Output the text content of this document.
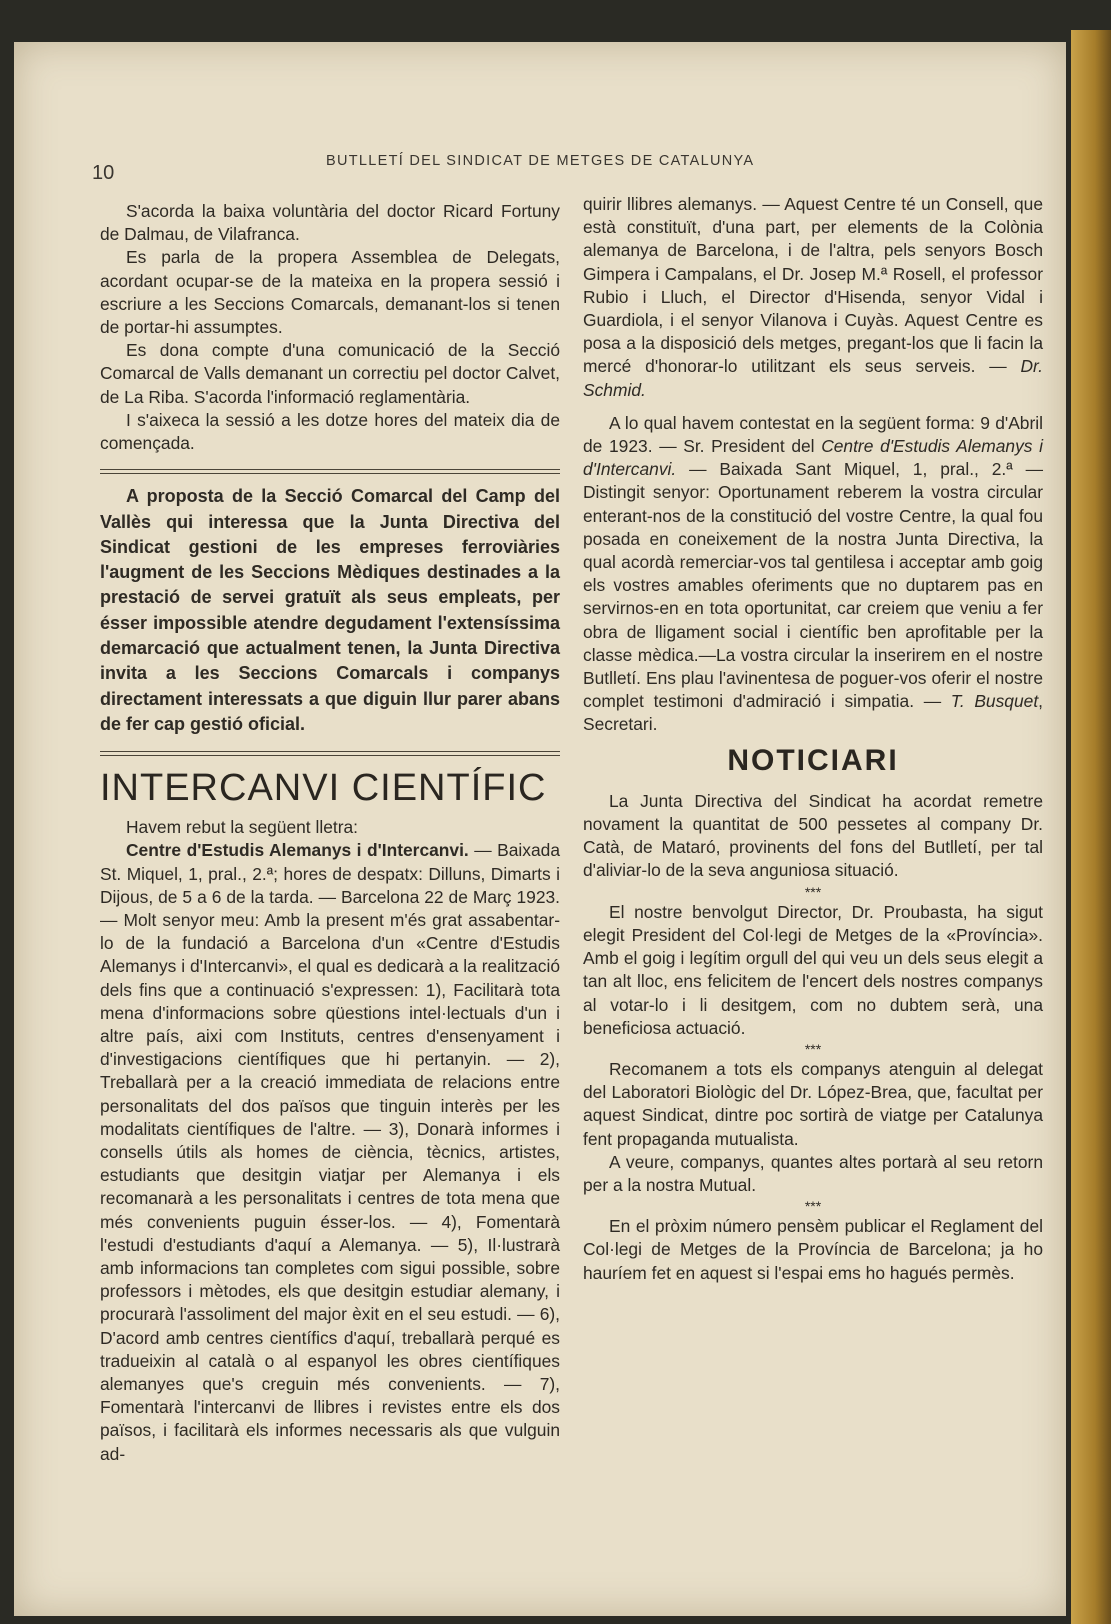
10
BUTLLETÍ DEL SINDICAT DE METGES DE CATALUNYA

S'acorda la baixa voluntària del doctor Ricard Fortuny de Dalmau, de Vilafranca.

Es parla de la propera Assemblea de Delegats, acordant ocupar-se de la mateixa en la propera sessió i escriure a les Seccions Comarcals, demanant-los si tenen de portar-hi assumptes.

Es dona compte d'una comunicació de la Secció Comarcal de Valls demanant un correctiu pel doctor Calvet, de La Riba. S'acorda l'informació reglamentària.

I s'aixeca la sessió a les dotze hores del mateix dia de començada.

A proposta de la Secció Comarcal del Camp del Vallès qui interessa que la Junta Directiva del Sindicat gestioni de les empreses ferroviàries l'augment de les Seccions Mèdiques destinades a la prestació de servei gratuït als seus empleats, per ésser impossible atendre degudament l'extensíssima demarcació que actualment tenen, la Junta Directiva invita a les Seccions Comarcals i companys directament interessats a que diguin llur parer abans de fer cap gestió oficial.

INTERCANVI CIENTÍFIC

Havem rebut la següent lletra:

Centre d'Estudis Alemanys i d'Intercanvi. — Baixada St. Miquel, 1, pral., 2.ª; hores de despatx: Dilluns, Dimarts i Dijous, de 5 a 6 de la tarda. — Barcelona 22 de Març 1923. — Molt senyor meu: Amb la present m'és grat assabentar-lo de la fundació a Barcelona d'un «Centre d'Estudis Alemanys i d'Intercanvi», el qual es dedicarà a la realització dels fins que a continuació s'expressen: 1), Facilitarà tota mena d'informacions sobre qüestions intel·lectuals d'un i altre país, aixi com Instituts, centres d'ensenyament i d'investigacions científiques que hi pertanyin. — 2), Treballarà per a la creació immediata de relacions entre personalitats del dos països que tinguin interès per les modalitats científiques de l'altre. — 3), Donarà informes i consells útils als homes de ciència, tècnics, artistes, estudiants que desitgin viatjar per Alemanya i els recomanarà a les personalitats i centres de tota mena que més convenients puguin ésser-los. — 4), Fomentarà l'estudi d'estudiants d'aquí a Alemanya. — 5), Il·lustrarà amb informacions tan completes com sigui possible, sobre professors i mètodes, els que desitgin estudiar alemany, i procurarà l'assoliment del major èxit en el seu estudi. — 6), D'acord amb centres científics d'aquí, treballarà perqué es tradueixin al català o al espanyol les obres científiques alemanyes que's creguin més convenients. — 7), Fomentarà l'intercanvi de llibres i revistes entre els dos països, i facilitarà els informes necessaris als que vulguin ad-

quirir llibres alemanys. — Aquest Centre té un Consell, que està constituït, d'una part, per elements de la Colònia alemanya de Barcelona, i de l'altra, pels senyors Bosch Gimpera i Campalans, el Dr. Josep M.ª Rosell, el professor Rubio i Lluch, el Director d'Hisenda, senyor Vidal i Guardiola, i el senyor Vilanova i Cuyàs. Aquest Centre es posa a la disposició dels metges, pregant-los que li facin la mercé d'honorar-lo utilitzant els seus serveis. — Dr. Schmid.

A lo qual havem contestat en la següent forma: 9 d'Abril de 1923. — Sr. President del Centre d'Estudis Alemanys i d'Intercanvi. — Baixada Sant Miquel, 1, pral., 2.ª — Distingit senyor: Oportunament reberem la vostra circular enterant-nos de la constitució del vostre Centre, la qual fou posada en coneixement de la nostra Junta Directiva, la qual acordà remerciar-vos tal gentilesa i acceptar amb goig els vostres amables oferiments que no duptarem pas en servirnos-en en tota oportunitat, car creiem que veniu a fer obra de lligament social i científic ben aprofitable per la classe mèdica.—La vostra circular la inserirem en el nostre Butlletí. Ens plau l'avinentesa de poguer-vos oferir el nostre complet testimoni d'admiració i simpatia. — T. Busquet, Secretari.

NOTICIARI

La Junta Directiva del Sindicat ha acordat remetre novament la quantitat de 500 pessetes al company Dr. Catà, de Mataró, provinents del fons del Butlletí, per tal d'aliviar-lo de la seva anguniosa situació.

***

El nostre benvolgut Director, Dr. Proubasta, ha sigut elegit President del Col·legi de Metges de la «Província». Amb el goig i legítim orgull del qui veu un dels seus elegit a tan alt lloc, ens felicitem de l'encert dels nostres companys al votar-lo i li desitgem, com no dubtem serà, una beneficiosa actuació.

***

Recomanem a tots els companys atenguin al delegat del Laboratori Biològic del Dr. López-Brea, que, facultat per aquest Sindicat, dintre poc sortirà de viatge per Catalunya fent propaganda mutualista.

A veure, companys, quantes altes portarà al seu retorn per a la nostra Mutual.

***

En el pròxim número pensèm publicar el Reglament del Col·legi de Metges de la Província de Barcelona; ja ho hauríem fet en aquest si l'espai ems ho hagués permès.
